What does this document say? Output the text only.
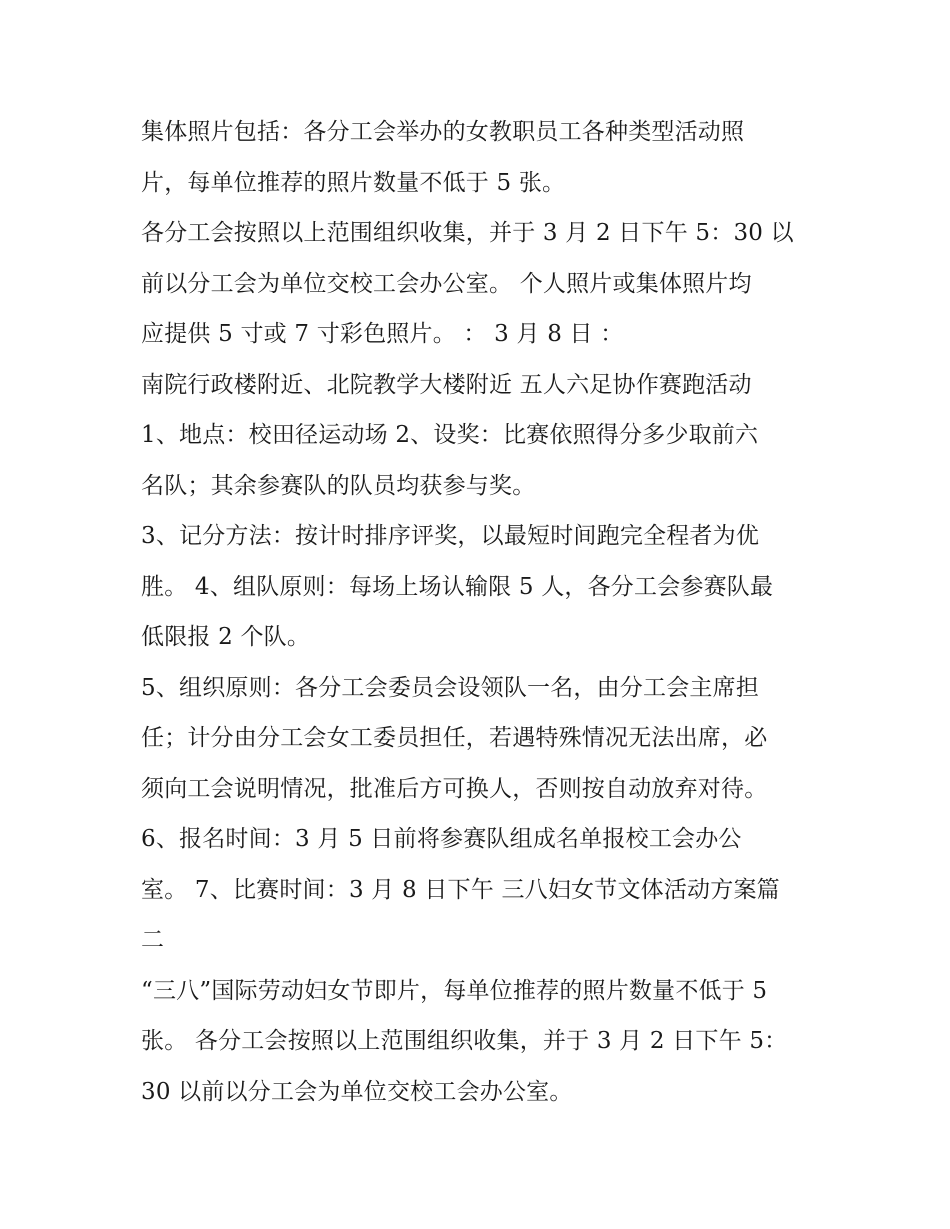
集体照片包括：各分工会举办的女教职员工各种类型活动照
片，每单位推荐的照片数量不低于 5 张。
各分工会按照以上范围组织收集，并于 3 月 2 日下午 5：30 以
前以分工会为单位交校工会办公室。 个人照片或集体照片均
应提供 5 寸或 7 寸彩色照片。 ： 3 月 8 日 ：
南院行政楼附近、北院教学大楼附近 五人六足协作赛跑活动
1、地点：校田径运动场 2、设奖：比赛依照得分多少取前六
名队；其余参赛队的队员均获参与奖。
3、记分方法：按计时排序评奖，以最短时间跑完全程者为优
胜。 4、组队原则：每场上场认输限 5 人，各分工会参赛队最
低限报 2 个队。
5、组织原则：各分工会委员会设领队一名，由分工会主席担
任；计分由分工会女工委员担任，若遇特殊情况无法出席，必
须向工会说明情况，批准后方可换人，否则按自动放弃对待。
6、报名时间：3 月 5 日前将参赛队组成名单报校工会办公
室。 7、比赛时间：3 月 8 日下午 三八妇女节文体活动方案篇
二
“三八”国际劳动妇女节即片，每单位推荐的照片数量不低于 5
张。 各分工会按照以上范围组织收集，并于 3 月 2 日下午 5：
30 以前以分工会为单位交校工会办公室。
